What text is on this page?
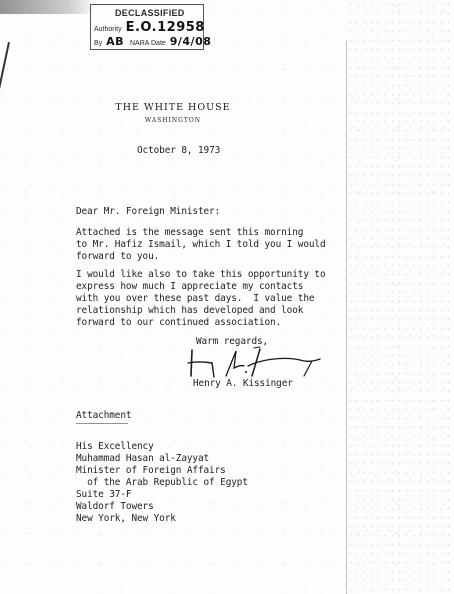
DECLASSIFIED
Authority E.O.12958
By AB NARA Date 9/4/08
THE WHITE HOUSE
WASHINGTON
October 8, 1973
Dear Mr. Foreign Minister:
Attached is the message sent this morning
to Mr. Hafiz Ismail, which I told you I would
forward to you.
I would like also to take this opportunity to
express how much I appreciate my contacts
with you over these past days.  I value the
relationship which has developed and look
forward to our continued association.
Warm regards,
Henry A. Kissinger
Attachment
His Excellency
Muhammad Hasan al-Zayyat
Minister of Foreign Affairs
of the Arab Republic of Egypt
Suite 37-F
Waldorf Towers
New York, New York
